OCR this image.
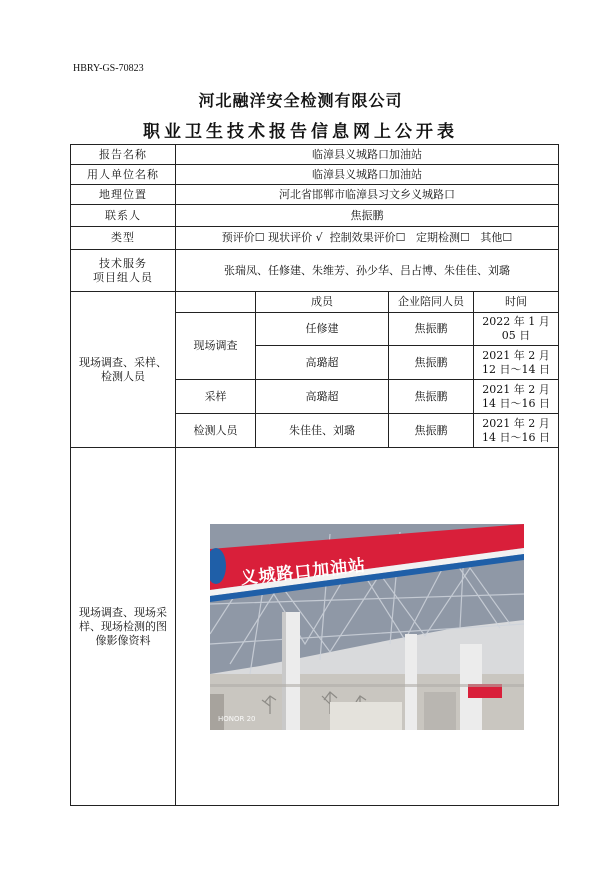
HBRY-GS-70823
河北融洋安全检测有限公司
职业卫生技术报告信息网上公开表
报告名称	临漳县义城路口加油站			
用人单位名称	临漳县义城路口加油站			
地理位置	河北省邯郸市临漳县习文乡义城路口			
联系人	焦振鹏			
类型	预评价☐ 现状评价 √ 控制效果评价☐ 定期检测☐ 其他☐			

技术服务
项目组人员	张瑞凤、任修建、朱维芳、孙少华、吕占博、朱佳佳、刘璐			
现场调查、采样、检测人员		成员	企业陪同人员	时间
	现场调查	任修建	焦振鹏	2022 年 1 月
05 日

		高璐超	焦振鹏	2021 年 2 月
12 日～14 日

	采样	高璐超	焦振鹏	2021 年 2 月
14 日～16 日

	检测人员	朱佳佳、刘璐	焦振鹏	2021 年 2 月
14 日～16 日

现场调查、现场采样、现场检测的图像影像资料	义城路口加油站
HONOR 20			
